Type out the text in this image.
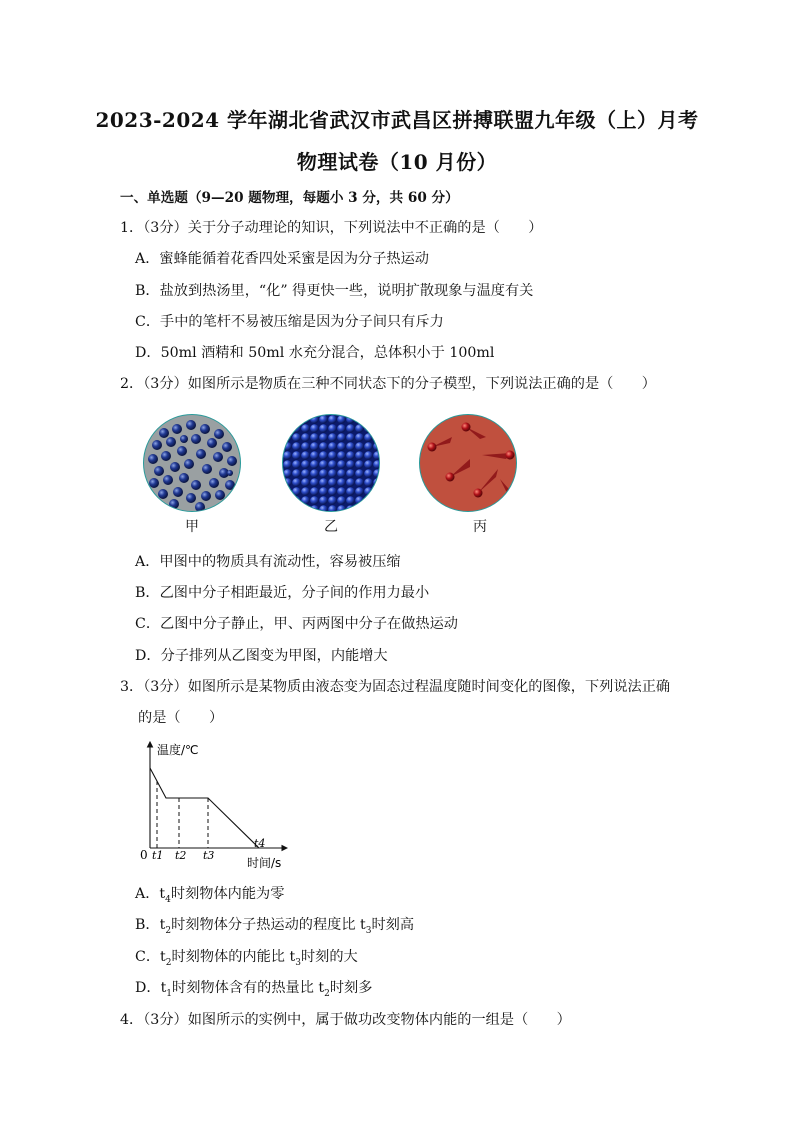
2023-2024 学年湖北省武汉市武昌区拼搏联盟九年级（上）月考
物理试卷（10 月份）
一、单选题（9—20 题物理，每题小 3 分，共 60 分）
1．（3分）关于分子动理论的知识，下列说法中不正确的是（　　）
A．蜜蜂能循着花香四处采蜜是因为分子热运动
B．盐放到热汤里，“化” 得更快一些，说明扩散现象与温度有关
C．手中的笔杆不易被压缩是因为分子间只有斥力
D．50ml 酒精和 50ml 水充分混合，总体积小于 100ml
2．（3分）如图所示是物质在三种不同状态下的分子模型，下列说法正确的是（　　）
甲	乙	丙
A．甲图中的物质具有流动性，容易被压缩
B．乙图中分子相距最近，分子间的作用力最小
C．乙图中分子静止，甲、丙两图中分子在做热运动
D．分子排列从乙图变为甲图，内能增大
3．（3分）如图所示是某物质由液态变为固态过程温度随时间变化的图像，下列说法正确
的是（　　）
温度/℃
0 t1 t2 t3
t4
时间/s
A．$t_4$时刻物体内能为零
B．$t_2$时刻物体分子热运动的程度比 $t_3$时刻高
C．$t_2$时刻物体的内能比 $t_3$时刻的大
D．$t_1$时刻物体含有的热量比 $t_2$时刻多
4．（3分）如图所示的实例中，属于做功改变物体内能的一组是（　　）
